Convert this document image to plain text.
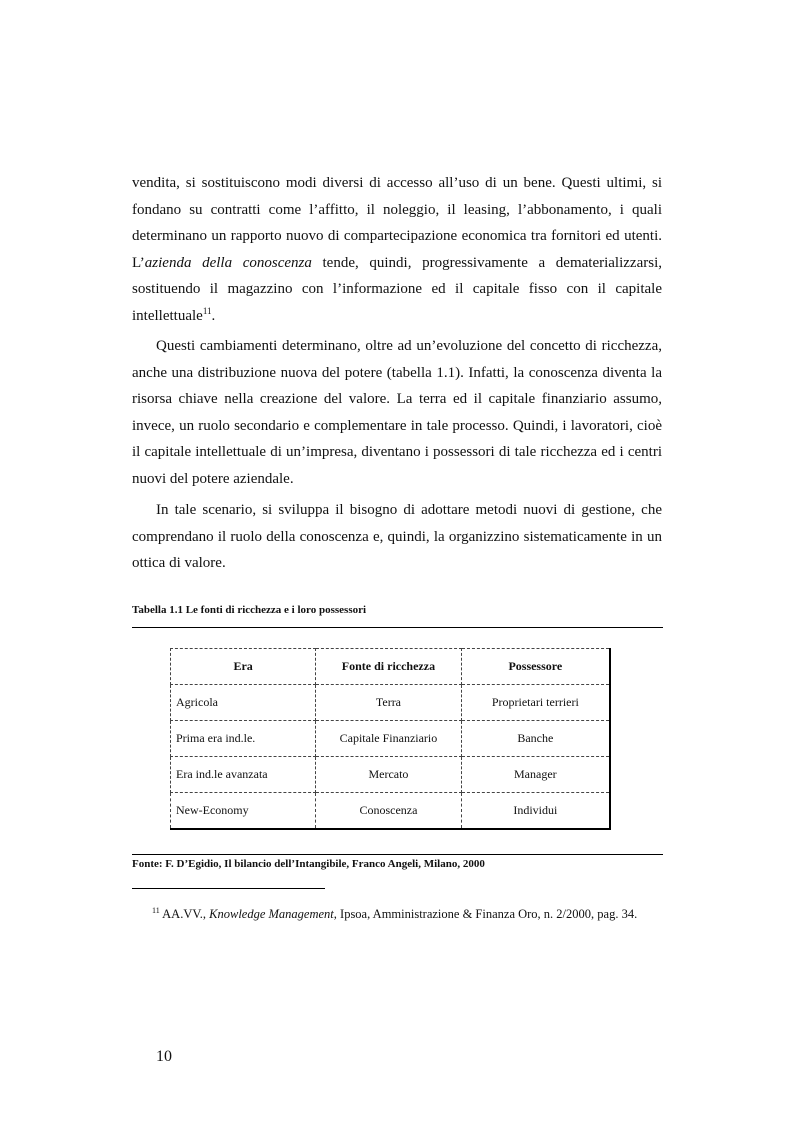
vendita, si sostituiscono modi diversi di accesso all’uso di un bene. Questi ultimi, si fondano su contratti come l’affitto, il noleggio, il leasing, l’abbonamento, i quali determinano un rapporto nuovo di compartecipazione economica tra fornitori ed utenti. L’azienda della conoscenza tende, quindi, progressivamente a dematerializzarsi, sostituendo il magazzino con l’informazione ed il capitale fisso con il capitale intellettuale$^{11}$.

Questi cambiamenti determinano, oltre ad un’evoluzione del concetto di ricchezza, anche una distribuzione nuova del potere (tabella 1.1). Infatti, la conoscenza diventa la risorsa chiave nella creazione del valore. La terra ed il capitale finanziario assumo, invece, un ruolo secondario e complementare in tale processo. Quindi, i lavoratori, cioè il capitale intellettuale di un’impresa, diventano i possessori di tale ricchezza ed i centri nuovi del potere aziendale.

In tale scenario, si sviluppa il bisogno di adottare metodi nuovi di gestione, che comprendano il ruolo della conoscenza e, quindi, la organizzino sistematicamente in un ottica di valore.

Tabella 1.1 Le fonti di ricchezza e i loro possessori
Era	Fonte di ricchezza	Possessore
Agricola	Terra	Proprietari terrieri
Prima era ind.le.	Capitale Finanziario	Banche
Era ind.le avanzata	Mercato	Manager
New-Economy	Conoscenza	Individui
Fonte: F. D’Egidio, Il bilancio dell’Intangibile, Franco Angeli, Milano, 2000

$^{11}$ AA.VV., Knowledge Management, Ipsoa, Amministrazione & Finanza Oro, n. 2/2000, pag. 34.

10
